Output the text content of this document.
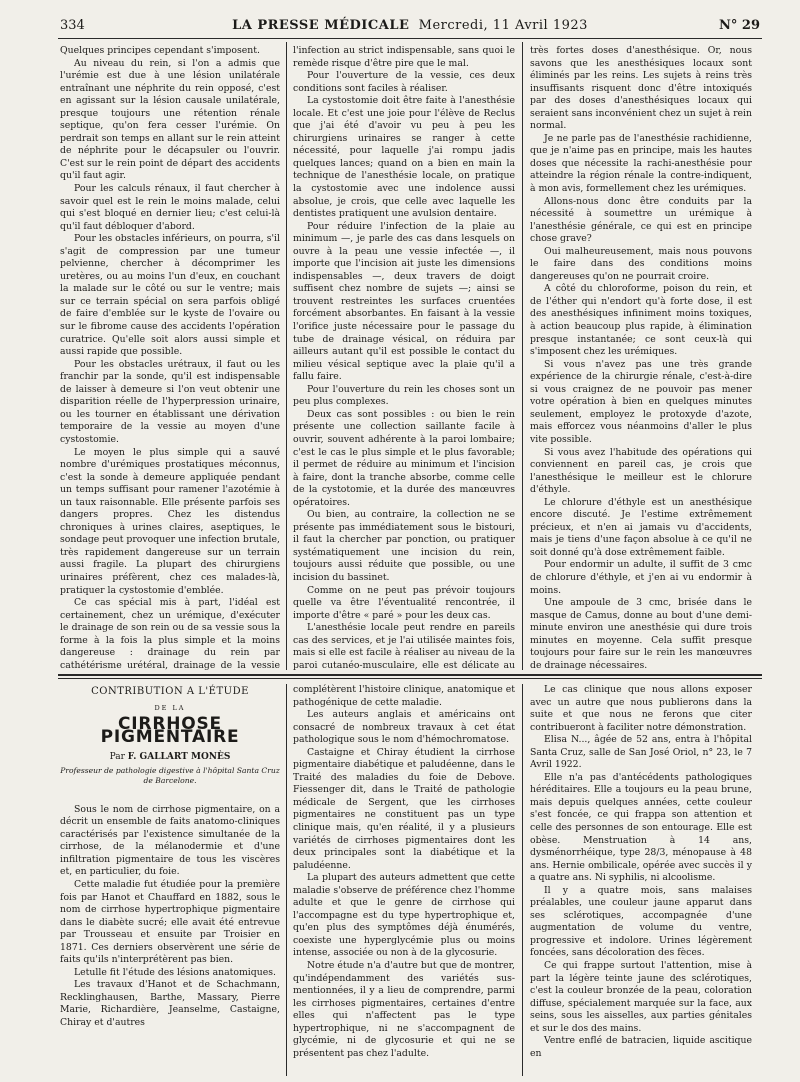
334	LA PRESSE MÉDICALE Mercredi, 11 Avril 1923	N° 29

Quelques principes cependant s'imposent.

Au niveau du rein, si l'on a admis que l'urémie est due à une lésion unilatérale entraînant une néphrite du rein opposé, c'est en agissant sur la lésion causale unilatérale, presque toujours une rétention rénale septique, qu'on fera cesser l'urémie. On perdrait son temps en allant sur le rein atteint de néphrite pour le décapsuler ou l'ouvrir. C'est sur le rein point de départ des accidents qu'il faut agir.

Pour les calculs rénaux, il faut chercher à savoir quel est le rein le moins malade, celui qui s'est bloqué en dernier lieu; c'est celui-là qu'il faut débloquer d'abord.

Pour les obstacles inférieurs, on pourra, s'il s'agit de compression par une tumeur pelvienne, chercher à décomprimer les uretères, ou au moins l'un d'eux, en couchant la malade sur le côté ou sur le ventre; mais sur ce terrain spécial on sera parfois obligé de faire d'emblée sur le kyste de l'ovaire ou sur le fibrome cause des accidents l'opération curatrice. Qu'elle soit alors aussi simple et aussi rapide que possible.

Pour les obstacles urétraux, il faut ou les franchir par la sonde, qu'il est indispensable de laisser à demeure si l'on veut obtenir une disparition réelle de l'hyperpression urinaire, ou les tourner en établissant une dérivation temporaire de la vessie au moyen d'une cystostomie.

Le moyen le plus simple qui a sauvé nombre d'urémiques prostatiques méconnus, c'est la sonde à demeure appliquée pendant un temps suffisant pour ramener l'azotémie à un taux raisonnable. Elle présente parfois ses dangers propres. Chez les distendus chroniques à urines claires, aseptiques, le sondage peut provoquer une infection brutale, très rapidement dangereuse sur un terrain aussi fragile. La plupart des chirurgiens urinaires préfèrent, chez ces malades-là, pratiquer la cystostomie d'emblée.

Ce cas spécial mis à part, l'idéal est certainement, chez un urémique, d'exécuter le drainage de son rein ou de sa vessie sous la forme à la fois la plus simple et la moins dangereuse : drainage du rein par cathétérisme urétéral, drainage de la vessie

l'infection au strict indispensable, sans quoi le remède risque d'être pire que le mal.

Pour l'ouverture de la vessie, ces deux conditions sont faciles à réaliser.

La cystostomie doit être faite à l'anesthésie locale. Et c'est une joie pour l'élève de Reclus que j'ai été d'avoir vu peu à peu les chirurgiens urinaires se ranger à cette nécessité, pour laquelle j'ai rompu jadis quelques lances; quand on a bien en main la technique de l'anesthésie locale, on pratique la cystostomie avec une indolence aussi absolue, je crois, que celle avec laquelle les dentistes pratiquent une avulsion dentaire.

Pour réduire l'infection de la plaie au minimum —, je parle des cas dans lesquels on ouvre à la peau une vessie infectée —, il importe que l'incision ait juste les dimensions indispensables —, deux travers de doigt suffisent chez nombre de sujets —; ainsi se trouvent restreintes les surfaces cruentées forcément absorbantes. En faisant à la vessie l'orifice juste nécessaire pour le passage du tube de drainage vésical, on réduira par ailleurs autant qu'il est possible le contact du milieu vésical septique avec la plaie qu'il a fallu faire.

Pour l'ouverture du rein les choses sont un peu plus complexes.

Deux cas sont possibles : ou bien le rein présente une collection saillante facile à ouvrir, souvent adhérente à la paroi lombaire; c'est le cas le plus simple et le plus favorable; il permet de réduire au minimum et l'incision à faire, dont la tranche absorbe, comme celle de la cystotomie, et la durée des manœuvres opératoires.

Ou bien, au contraire, la collection ne se présente pas immédiatement sous le bistouri, il faut la chercher par ponction, ou pratiquer systématiquement une incision du rein, toujours aussi réduite que possible, ou une incision du bassinet.

Comme on ne peut pas prévoir toujours quelle va être l'éventualité rencontrée, il importe d'être « paré » pour les deux cas.

L'anesthésie locale peut rendre en pareils cas des services, et je l'ai utilisée maintes fois, mais si elle est facile à réaliser au niveau de la paroi cutanéo-musculaire, elle est délicate au

très fortes doses d'anesthésique. Or, nous savons que les anesthésiques locaux sont éliminés par les reins. Les sujets à reins très insuffisants risquent donc d'être intoxiqués par des doses d'anesthésiques locaux qui seraient sans inconvénient chez un sujet à rein normal.

Je ne parle pas de l'anesthésie rachidienne, que je n'aime pas en principe, mais les hautes doses que nécessite la rachi-anesthésie pour atteindre la région rénale la contre-indiquent, à mon avis, formellement chez les urémiques.

Allons-nous donc être conduits par la nécessité à soumettre un urémique à l'anesthésie générale, ce qui est en principe chose grave?

Oui malheureusement, mais nous pouvons le faire dans des conditions moins dangereuses qu'on ne pourrait croire.

A côté du chloroforme, poison du rein, et de l'éther qui n'endort qu'à forte dose, il est des anesthésiques infiniment moins toxiques, à action beaucoup plus rapide, à élimination presque instantanée; ce sont ceux-là qui s'imposent chez les urémiques.

Si vous n'avez pas une très grande expérience de la chirurgie rénale, c'est-à-dire si vous craignez de ne pouvoir pas mener votre opération à bien en quelques minutes seulement, employez le protoxyde d'azote, mais efforcez vous néanmoins d'aller le plus vite possible.

Si vous avez l'habitude des opérations qui conviennent en pareil cas, je crois que l'anesthésique le meilleur est le chlorure d'éthyle.

Le chlorure d'éthyle est un anesthésique encore discuté. Je l'estime extrêmement précieux, et n'en ai jamais vu d'accidents, mais je tiens d'une façon absolue à ce qu'il ne soit donné qu'à dose extrêmement faible.

Pour endormir un adulte, il suffit de 3 cmc de chlorure d'éthyle, et j'en ai vu endormir à moins.

Une ampoule de 3 cmc, brisée dans le masque de Camus, donne au bout d'une demi-minute environ une anesthésie qui dure trois minutes en moyenne. Cela suffit presque toujours pour faire sur le rein les manœuvres de drainage nécessaires.

CONTRIBUTION A L'ÉTUDE
DE LA
CIRRHOSE PIGMENTAIRE
Par F. GALLART MONÈS
Professeur de pathologie digestive à l'hôpital Santa Cruz de Barcelone.

Sous le nom de cirrhose pigmentaire, on a décrit un ensemble de faits anatomo-cliniques caractérisés par l'existence simultanée de la cirrhose, de la mélanodermie et d'une infiltration pigmentaire de tous les viscères et, en particulier, du foie.

Cette maladie fut étudiée pour la première fois par Hanot et Chauffard en 1882, sous le nom de cirrhose hypertrophique pigmentaire dans le diabète sucré; elle avait été entrevue par Trousseau et ensuite par Troisier en 1871. Ces derniers observèrent une série de faits qu'ils n'interprétèrent pas bien.

Letulle fit l'étude des lésions anatomiques.

Les travaux d'Hanot et de Schachmann, Recklinghausen, Barthe, Massary, Pierre Marie, Richardière, Jeanselme, Castaigne, Chiray et d'autres

complétèrent l'histoire clinique, anatomique et pathogénique de cette maladie.

Les auteurs anglais et américains ont consacré de nombreux travaux à cet état pathologique sous le nom d'hémochromatose.

Castaigne et Chiray étudient la cirrhose pigmentaire diabétique et paludéenne, dans le Traité des maladies du foie de Debove. Fiessenger dit, dans le Traité de pathologie médicale de Sergent, que les cirrhoses pigmentaires ne constituent pas un type clinique mais, qu'en réalité, il y a plusieurs variétés de cirrhoses pigmentaires dont les deux principales sont la diabétique et la paludéenne.

La plupart des auteurs admettent que cette maladie s'observe de préférence chez l'homme adulte et que le genre de cirrhose qui l'accompagne est du type hypertrophique et, qu'en plus des symptômes déjà énumérés, coexiste une hyperglycémie plus ou moins intense, associée ou non à de la glycosurie.

Notre étude n'a d'autre but que de montrer, qu'indépendamment des variétés sus-mentionnées, il y a lieu de comprendre, parmi les cirrhoses pigmentaires, certaines d'entre elles qui n'affectent pas le type hypertrophique, ni ne s'accompagnent de glycémie, ni de glycosurie et qui ne se présentent pas chez l'adulte.

Le cas clinique que nous allons exposer avec un autre que nous publierons dans la suite et que nous ne ferons que citer contribueront à faciliter notre démonstration.

Elisa N..., âgée de 52 ans, entra à l'hôpital Santa Cruz, salle de San José Oriol, n° 23, le 7 Avril 1922.

Elle n'a pas d'antécédents pathologiques héréditaires. Elle a toujours eu la peau brune, mais depuis quelques années, cette couleur s'est foncée, ce qui frappa son attention et celle des personnes de son entourage. Elle est obèse. Menstruation à 14 ans, dysménorrhéique, type 28/3, ménopause à 48 ans. Hernie ombilicale, opérée avec succès il y a quatre ans. Ni syphilis, ni alcoolisme.

Il y a quatre mois, sans malaises préalables, une couleur jaune apparut dans ses sclérotiques, accompagnée d'une augmentation de volume du ventre, progressive et indolore. Urines légèrement foncées, sans décoloration des fèces.

Ce qui frappe surtout l'attention, mise à part la légère teinte jaune des sclérotiques, c'est la couleur bronzée de la peau, coloration diffuse, spécialement marquée sur la face, aux seins, sous les aisselles, aux parties génitales et sur le dos des mains.

Ventre enflé de batracien, liquide ascitique en
